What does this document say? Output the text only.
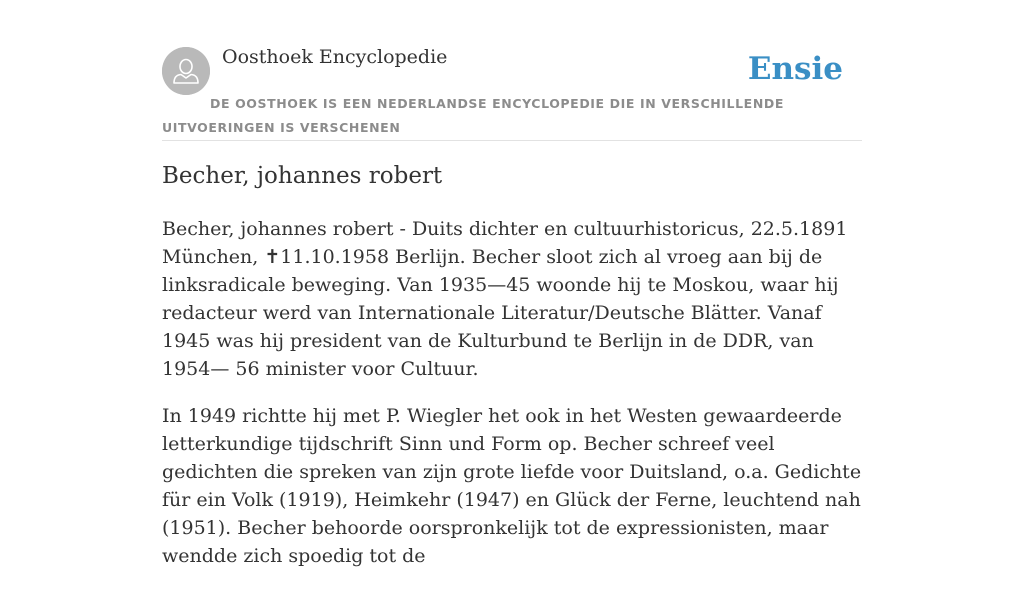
Oosthoek Encyclopedie	Ensie
DE OOSTHOEK IS EEN NEDERLANDSE ENCYCLOPEDIE DIE IN VERSCHILLENDE UITVOERINGEN IS VERSCHENEN
Becher, johannes robert

Becher, johannes robert - Duits dichter en cultuurhistoricus, 22.5.1891 München, ✝11.10.1958 Berlijn. Becher sloot zich al vroeg aan bij de linksradicale beweging. Van 1935—45 woonde hij te Moskou, waar hij redacteur werd van Internationale Literatur/Deutsche Blätter. Vanaf 1945 was hij president van de Kulturbund te Berlijn in de DDR, van 1954— 56 minister voor Cultuur.

In 1949 richtte hij met P. Wiegler het ook in het Westen gewaardeerde letterkundige tijdschrift Sinn und Form op. Becher schreef veel gedichten die spreken van zijn grote liefde voor Duitsland, o.a. Gedichte für ein Volk (1919), Heimkehr (1947) en Glück der Ferne, leuchtend nah (1951). Becher behoorde oorspronkelijk tot de expressionisten, maar wendde zich spoedig tot de
